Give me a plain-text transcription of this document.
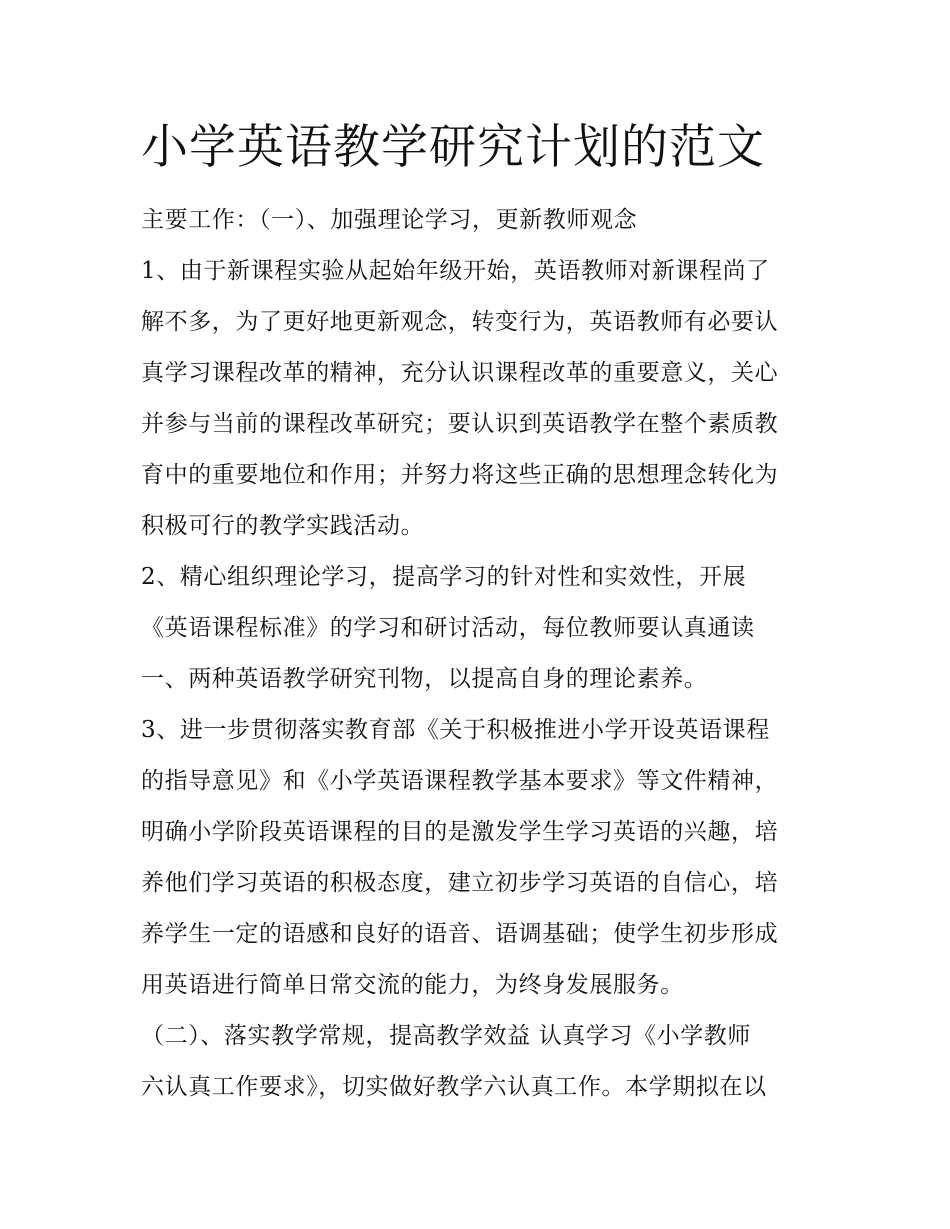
小学英语教学研究计划的范文
主要工作：（一）、加强理论学习，更新教师观念
1、由于新课程实验从起始年级开始，英语教师对新课程尚了
解不多，为了更好地更新观念，转变行为，英语教师有必要认
真学习课程改革的精神，充分认识课程改革的重要意义，关心
并参与当前的课程改革研究；要认识到英语教学在整个素质教
育中的重要地位和作用；并努力将这些正确的思想理念转化为
积极可行的教学实践活动。
2、精心组织理论学习，提高学习的针对性和实效性，开展
《英语课程标准》的学习和研讨活动，每位教师要认真通读
一、两种英语教学研究刊物，以提高自身的理论素养。
3、进一步贯彻落实教育部《关于积极推进小学开设英语课程
的指导意见》和《小学英语课程教学基本要求》等文件精神，
明确小学阶段英语课程的目的是激发学生学习英语的兴趣，培
养他们学习英语的积极态度，建立初步学习英语的自信心，培
养学生一定的语感和良好的语音、语调基础；使学生初步形成
用英语进行简单日常交流的能力，为终身发展服务。
（二）、落实教学常规，提高教学效益 认真学习《小学教师
六认真工作要求》，切实做好教学六认真工作。本学期拟在以
